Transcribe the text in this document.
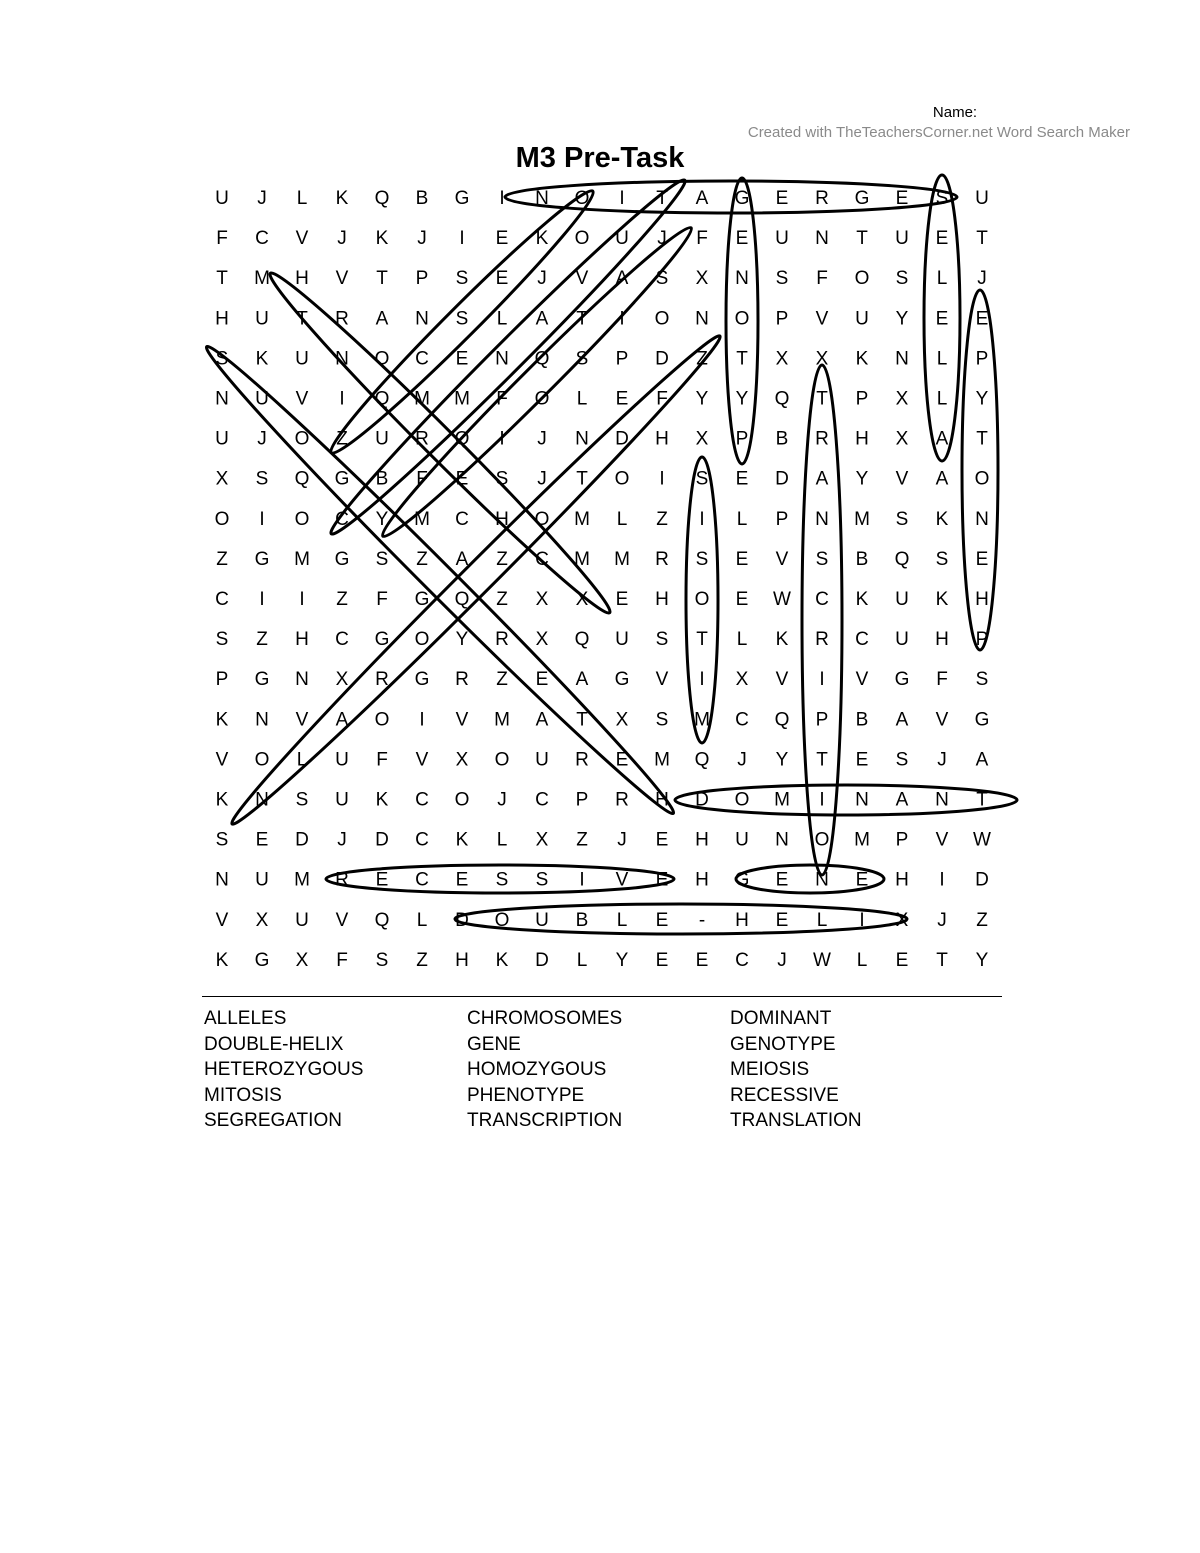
Name:
Created with TheTeachersCorner.net Word Search Maker
M3 Pre-Task
U J L K Q B G I N O I T A G E R G E S U
F C V J K J I E K O U J F E U N T U E T
T M H V T P S E J V A S X N S F O S L J
H U T R A N S L A T I O N O P V U Y E E
S K U N O C E N Q S P D Z T X X K N L P
N U V I Q M M F O L E F Y Y Q T P X L Y
U J O Z U R Q I J N D H X P B R H X A T
X S Q G B F E S J T O I S E D A Y V A O
O I O C Y M C H O M L Z I L P N M S K N
Z G M G S Z A Z C M M R S E V S B Q S E
C I I Z F G Q Z X X E H O E W C K U K H
S Z H C G O Y R X Q U S T L K R C U H P
P G N X R G R Z E A G V I X V I V G F S
K N V A O I V M A T X S M C Q P B A V G
V O L U F V X O U R E M Q J Y T E S J A
K N S U K C O J C P R H D O M I N A N T
S E D J D C K L X Z J E H U N O M P V W
N U M R E C E S S I V E H G E N E H I D
V X U V Q L D O U B L E - H E L I X J Z
K G X F S Z H K D L Y E E C J W L E T Y
ALLELES
DOUBLE-HELIX
HETEROZYGOUS
MITOSIS
SEGREGATION
CHROMOSOMES
GENE
HOMOZYGOUS
PHENOTYPE
TRANSCRIPTION
DOMINANT
GENOTYPE
MEIOSIS
RECESSIVE
TRANSLATION
